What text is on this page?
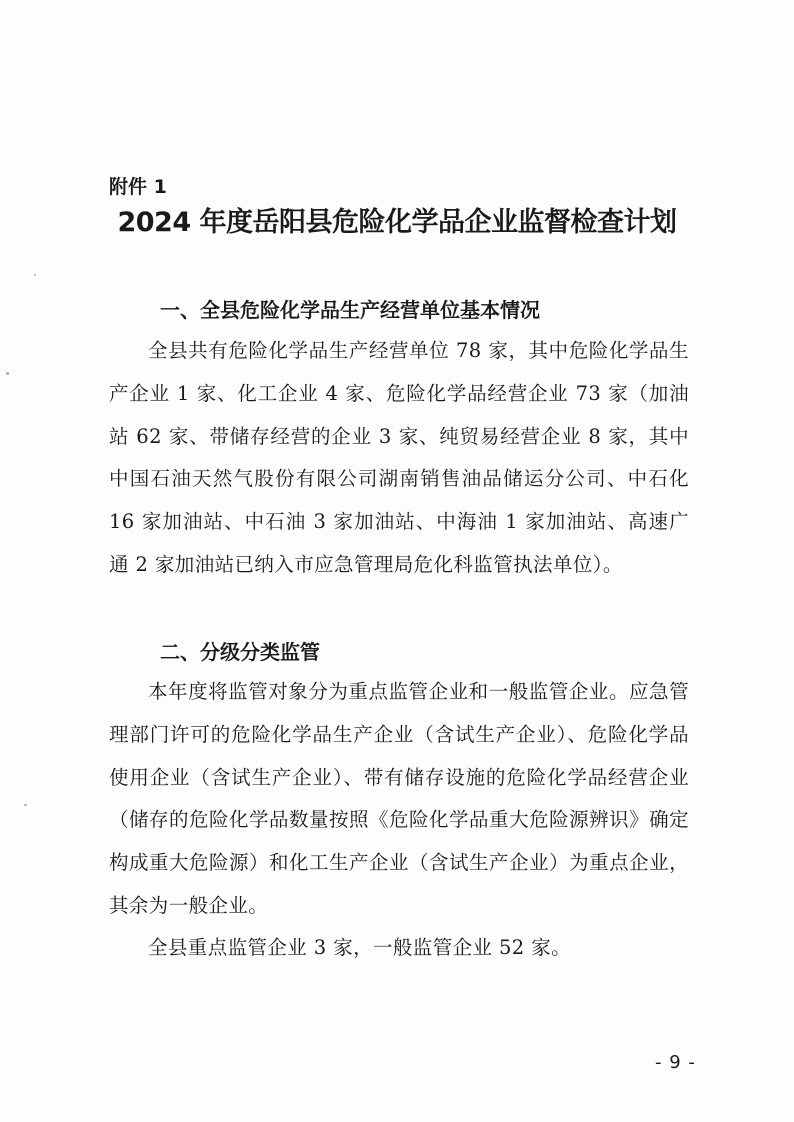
附件 1
2024 年度岳阳县危险化学品企业监督检查计划
一、全县危险化学品生产经营单位基本情况
全县共有危险化学品生产经营单位 78 家，其中危险化学品生产企业 1 家、化工企业 4 家、危险化学品经营企业 73 家（加油站 62 家、带储存经营的企业 3 家、纯贸易经营企业 8 家，其中中国石油天然气股份有限公司湖南销售油品储运分公司、中石化 16 家加油站、中石油 3 家加油站、中海油 1 家加油站、高速广通 2 家加油站已纳入市应急管理局危化科监管执法单位）。
二、分级分类监管
本年度将监管对象分为重点监管企业和一般监管企业。应急管理部门许可的危险化学品生产企业（含试生产企业）、危险化学品使用企业（含试生产企业）、带有储存设施的危险化学品经营企业（储存的危险化学品数量按照《危险化学品重大危险源辨识》确定构成重大危险源）和化工生产企业（含试生产企业）为重点企业，其余为一般企业。
全县重点监管企业 3 家，一般监管企业 52 家。
- 9 -
